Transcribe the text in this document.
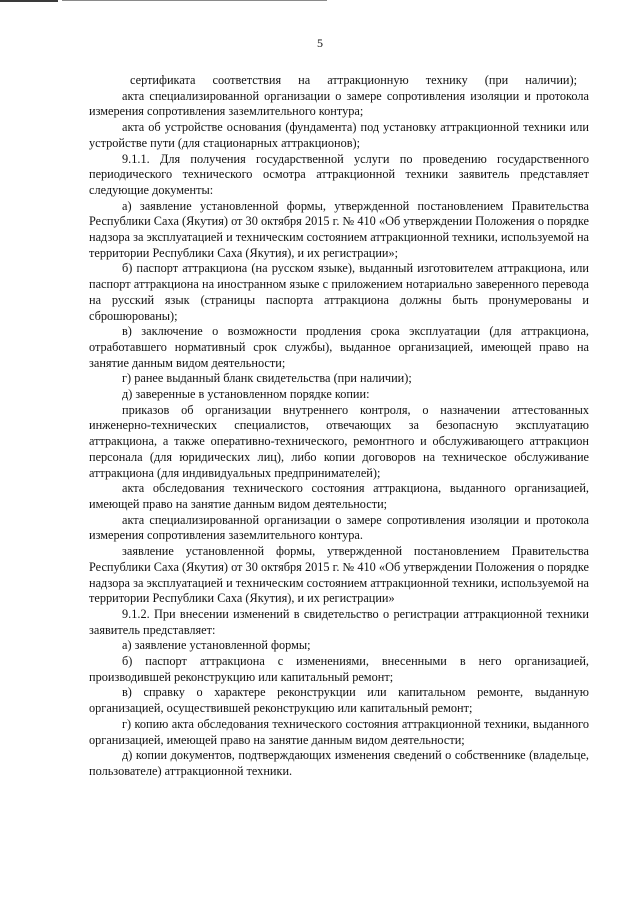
5

сертификата соответствия на аттракционную технику (при наличии);

акта специализированной организации о замере сопротивления изоляции и протокола измерения сопротивления заземлительного контура;

акта об устройстве основания (фундамента) под установку аттракционной техники или устройстве пути (для стационарных аттракционов);

9.1.1. Для получения государственной услуги по проведению государственного периодического технического осмотра аттракционной техники заявитель представляет следующие документы:

а) заявление установленной формы, утвержденной постановлением Правительства Республики Саха (Якутия) от 30 октября 2015 г. № 410 «Об утверждении Положения о порядке надзора за эксплуатацией и техническим состоянием аттракционной техники, используемой на территории Республики Саха (Якутия), и их регистрации»;

б) паспорт аттракциона (на русском языке), выданный изготовителем аттракциона, или паспорт аттракциона на иностранном языке с приложением нотариально заверенного перевода на русский язык (страницы паспорта аттракциона должны быть пронумерованы и сброшюрованы);

в) заключение о возможности продления срока эксплуатации (для аттракциона, отработавшего нормативный срок службы), выданное организацией, имеющей право на занятие данным видом деятельности;

г) ранее выданный бланк свидетельства (при наличии);

д) заверенные в установленном порядке копии:

приказов об организации внутреннего контроля, о назначении аттестованных инженерно-технических специалистов, отвечающих за безопасную эксплуатацию аттракциона, а также оперативно-технического, ремонтного и обслуживающего аттракцион персонала (для юридических лиц), либо копии договоров на техническое обслуживание аттракциона (для индивидуальных предпринимателей);

акта обследования технического состояния аттракциона, выданного организацией, имеющей право на занятие данным видом деятельности;

акта специализированной организации о замере сопротивления изоляции и протокола измерения сопротивления заземлительного контура.

заявление установленной формы, утвержденной постановлением Правительства Республики Саха (Якутия) от 30 октября 2015 г. № 410 «Об утверждении Положения о порядке надзора за эксплуатацией и техническим состоянием аттракционной техники, используемой на территории Республики Саха (Якутия), и их регистрации»

9.1.2. При внесении изменений в свидетельство о регистрации аттракционной техники заявитель представляет:

а) заявление установленной формы;

б) паспорт аттракциона с изменениями, внесенными в него организацией, производившей реконструкцию или капитальный ремонт;

в) справку о характере реконструкции или капитальном ремонте, выданную организацией, осуществившей реконструкцию или капитальный ремонт;

г) копию акта обследования технического состояния аттракционной техники, выданного организацией, имеющей право на занятие данным видом деятельности;

д) копии документов, подтверждающих изменения сведений о собственнике (владельце, пользователе) аттракционной техники.
